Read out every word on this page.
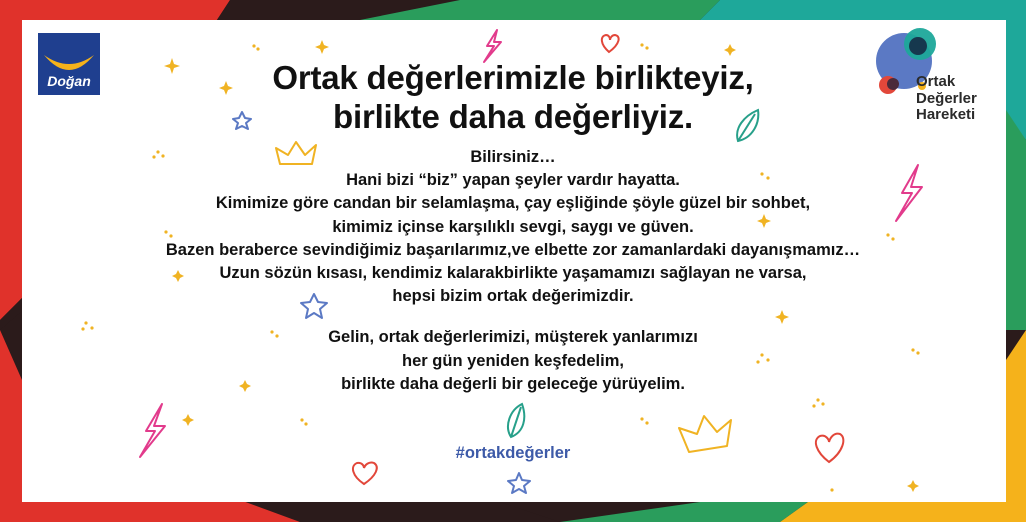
Doğan	Ortak
Değerler
Hareketi
Ortak değerlerimizle birlikteyiz,
birlikte daha değerliyiz.

Bilirsiniz…

Hani bizi “biz” yapan şeyler vardır hayatta.

Kimimize göre candan bir selamlaşma, çay eşliğinde şöyle güzel bir sohbet,

kimimiz içinse karşılıklı sevgi, saygı ve güven.

Bazen beraberce sevindiğimiz başarılarımız,ve elbette zor zamanlardaki dayanışmamız…

Uzun sözün kısası, kendimiz kalarakbirlikte yaşamamızı sağlayan ne varsa,

hepsi bizim ortak değerimizdir.

Gelin, ortak değerlerimizi, müşterek yanlarımızı

her gün yeniden keşfedelim,

birlikte daha değerli bir geleceğe yürüyelim.

#ortakdeğerler
